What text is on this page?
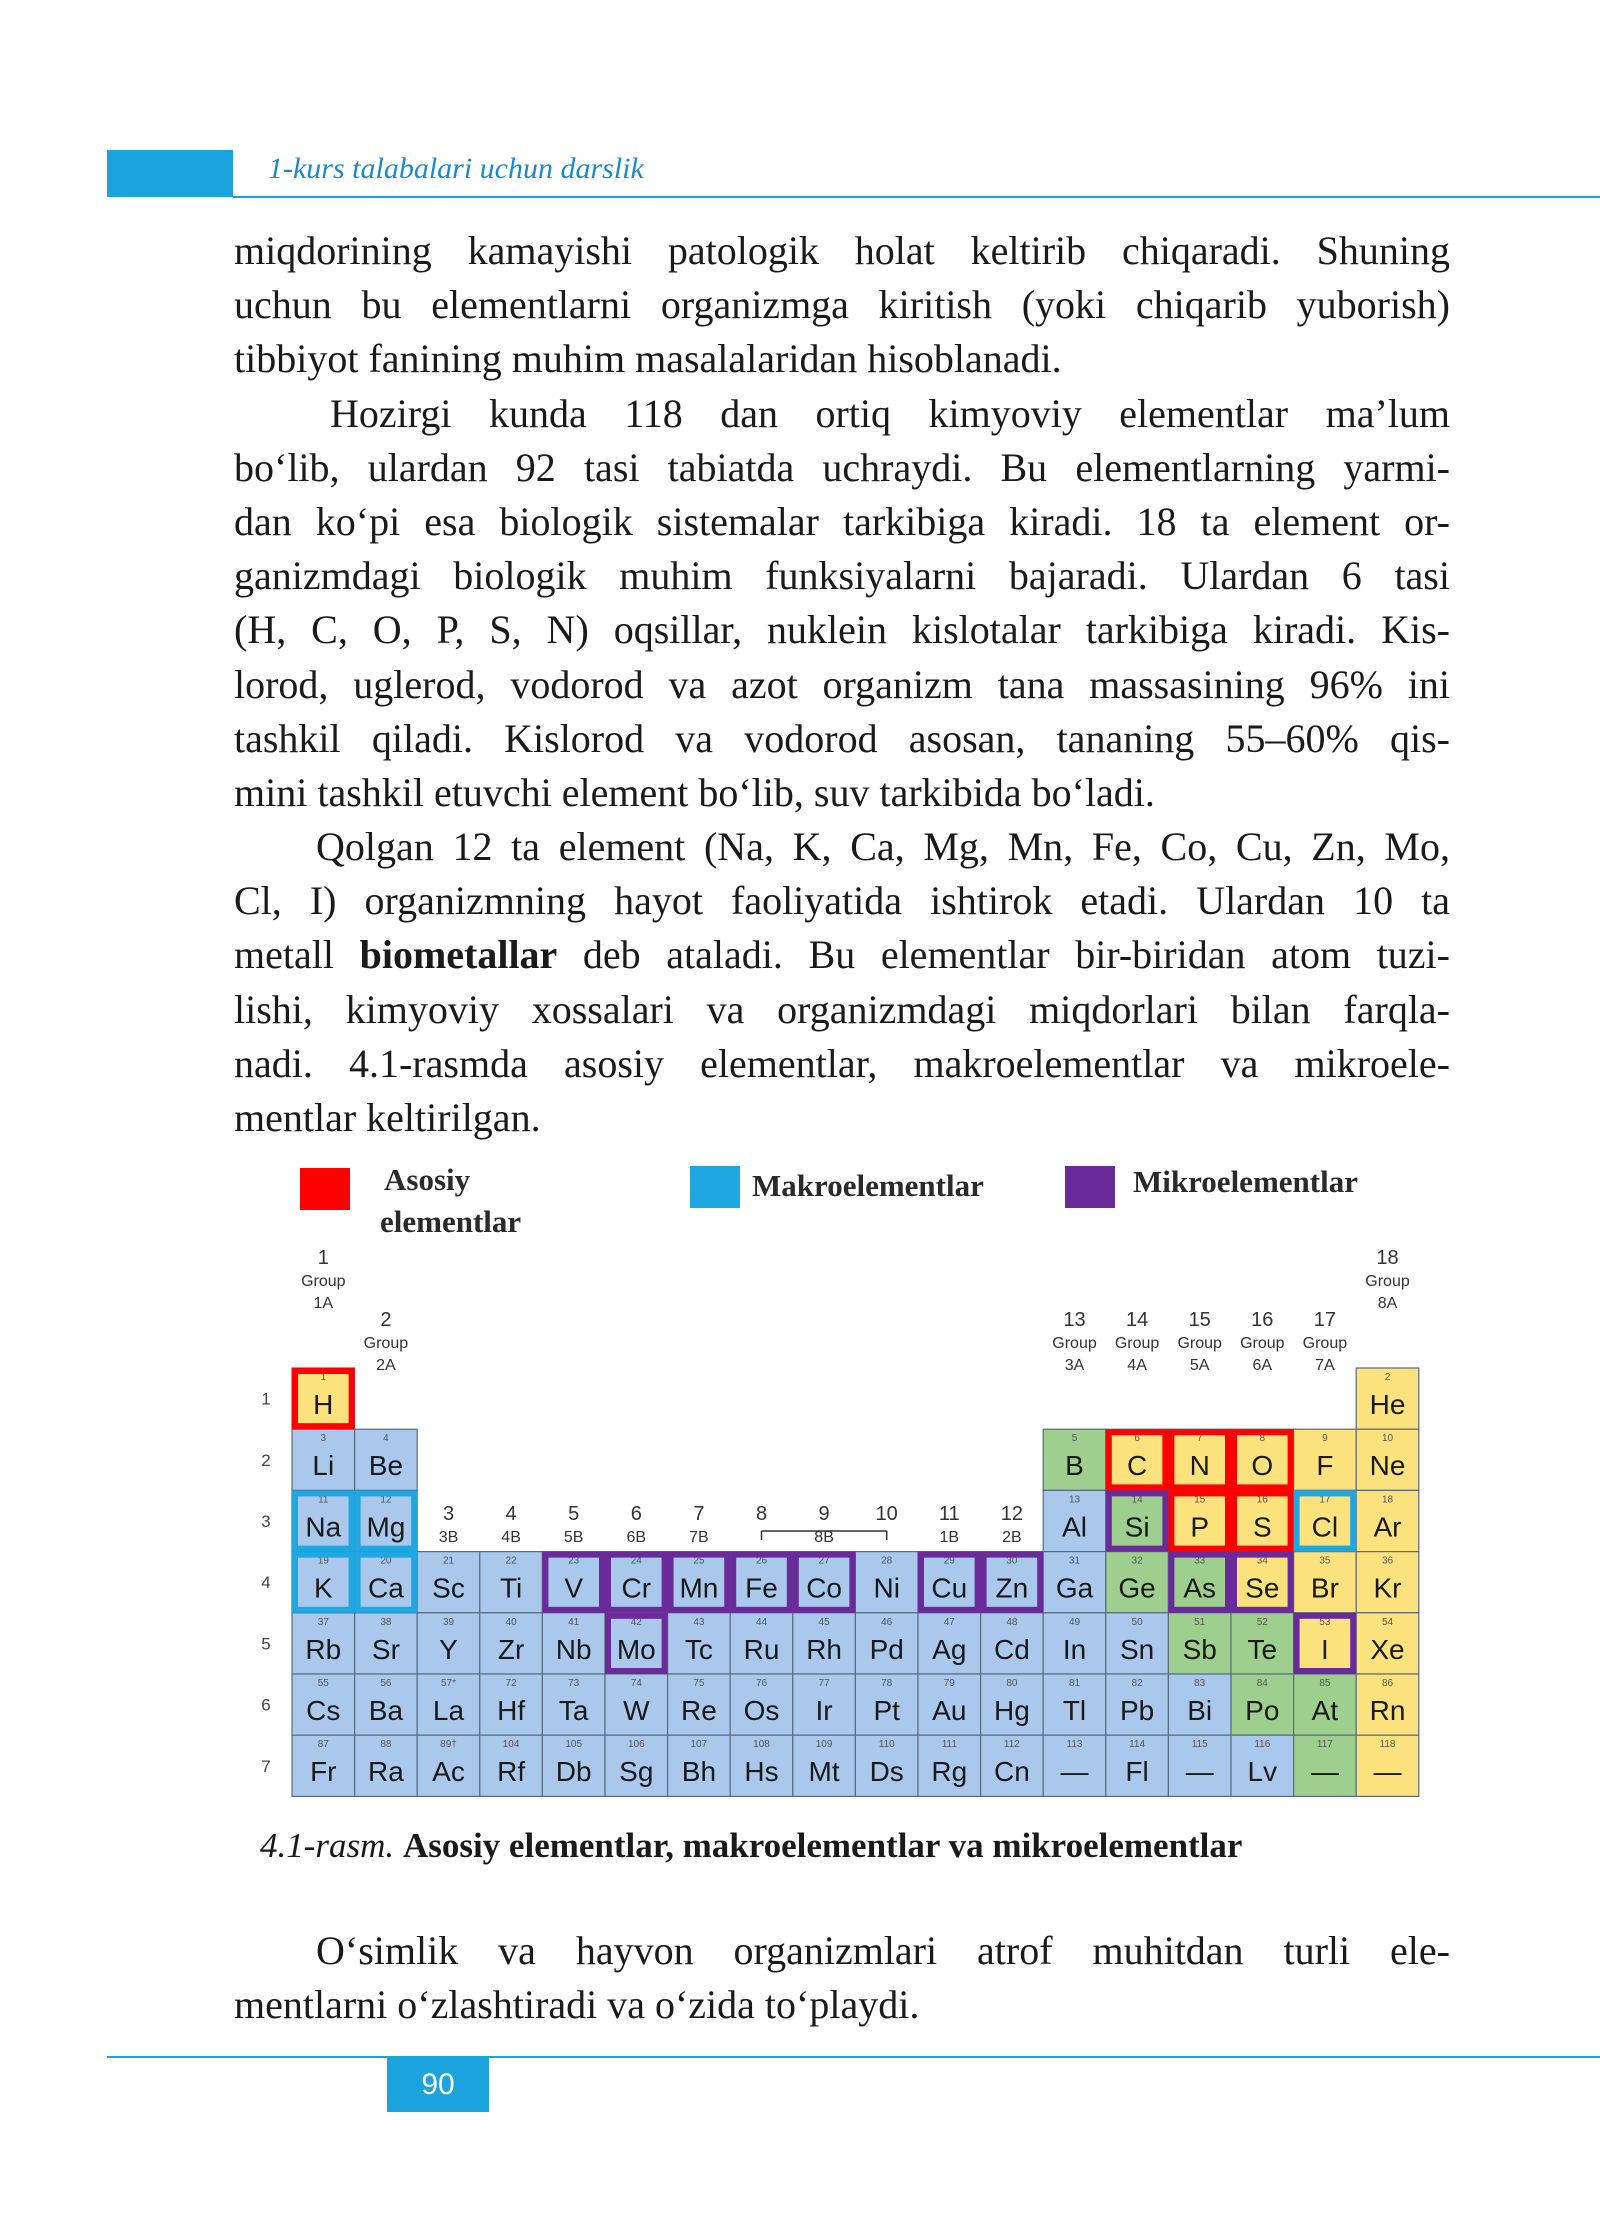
1-kurs talabalari uchun darslik
miqdorining kamayishi patologik holat keltirib chiqaradi. Shuning
uchun bu elementlarni organizmga kiritish (yoki chiqarib yuborish)
tibbiyot fanining muhim masalalaridan hisoblanadi.
Hozirgi kunda 118 dan ortiq kimyoviy elementlar ma’lum
bo‘lib, ulardan 92 tasi tabiatda uchraydi. Bu elementlarning yarmi-
dan ko‘pi esa biologik sistemalar tarkibiga kiradi. 18 ta element or-
ganizmdagi biologik muhim funksiyalarni bajaradi. Ulardan 6 tasi
(H, C, O, P, S, N) oqsillar, nuklein kislotalar tarkibiga kiradi. Kis-
lorod, uglerod, vodorod va azot organizm tana massasining 96% ini
tashkil qiladi. Kislorod va vodorod asosan, tananing 55–60% qis-
mini tashkil etuvchi element bo‘lib, suv tarkibida bo‘ladi.
Qolgan 12 ta element (Na, K, Ca, Mg, Mn, Fe, Co, Cu, Zn, Mo,
Cl, I) organizmning hayot faoliyatida ishtirok etadi. Ulardan 10 ta
metall biometallar deb ataladi. Bu elementlar bir-biridan atom tuzi-
lishi, kimyoviy xossalari va organizmdagi miqdorlari bilan farqla-
nadi. 4.1-rasmda asosiy elementlar, makroelementlar va mikroele-
mentlar keltirilgan.
Asosiy
elementlar
Makroelementlar	Mikroelementlar
1
H
2
He
3
Li
4
Be
5
B
6
C
7
N
8
O
9
F
10
Ne
11
Na
12
Mg
13
Al
14
Si
15
P
16
S
17
Cl
18
Ar
19
K
20
Ca
21
Sc
22
Ti
23
V
24
Cr
25
Mn
26
Fe
27
Co
28
Ni
29
Cu
30
Zn
31
Ga
32
Ge
33
As
34
Se
35
Br
36
Kr
37
Rb
38
Sr
39
Y
40
Zr
41
Nb
42
Mo
43
Tc
44
Ru
45
Rh
46
Pd
47
Ag
48
Cd
49
In
50
Sn
51
Sb
52
Te
53
I
54
Xe
55
Cs
56
Ba
57*
La
72
Hf
73
Ta
74
W
75
Re
76
Os
77
Ir
78
Pt
79
Au
80
Hg
81
Tl
82
Pb
83
Bi
84
Po
85
At
86
Rn
87
Fr
88
Ra
89†
Ac
104
Rf
105
Db
106
Sg
107
Bh
108
Hs
109
Mt
110
Ds
111
Rg
112
Cn
113
—
114
Fl
115
—
116
Lv
117
—
118
—
1
2
3
4
5
6
7
1
Group
1A
2
Group
2A
3
3B
4
4B
5
5B
6
6B
7
7B
8	9
8B
10 11
1B
12
2B
13
Group
3A
14
Group
4A
15
Group
5A
16
Group
6A
17
Group
7A
18
Group
8A
4.1-rasm. Asosiy elementlar, makroelementlar va mikroelementlar
O‘simlik va hayvon organizmlari atrof muhitdan turli ele-
mentlarni o‘zlashtiradi va o‘zida to‘playdi.
90
